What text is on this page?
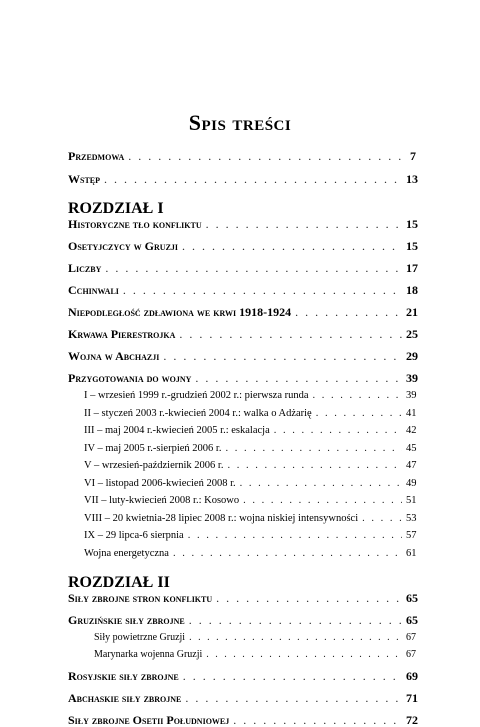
Spis treści
Przedmowa . . .	7
Wstęp . . .	13
ROZDZIAŁ I
Historyczne tło konfliktu . . .	15
Osetyjczycy w Gruzji . . .	15
Liczby . . .	17
Cchinwali . . .	18
Niepodległość zdławiona we krwi 1918-1924 . . .	21
Krwawa Pierestrojka . . .	25
Wojna w Abchazji . . .	29
Przygotowania do wojny . . .	39
I – wrzesień 1999 r.-grudzień 2002 r.: pierwsza runda . . .	39
II – styczeń 2003 r.-kwiecień 2004 r.: walka o Adżarię . . .	41
III – maj 2004 r.-kwiecień 2005 r.: eskalacja . . .	42
IV – maj 2005 r.-sierpień 2006 r. . . .	45
V – wrzesień-październik 2006 r. . . .	47
VI – listopad 2006-kwiecień 2008 r. . . .	49
VII – luty-kwiecień 2008 r.: Kosowo . . .	51
VIII – 20 kwietnia-28 lipiec 2008 r.: wojna niskiej intensywności . . .	53
IX – 29 lipca-6 sierpnia . . .	57
Wojna energetyczna . . .	61
ROZDZIAŁ II
Siły zbrojne stron konfliktu . . .	65
Gruzińskie siły zbrojne . . .	65
Siły powietrzne Gruzji . . .	67
Marynarka wojenna Gruzji . . .	67
Rosyjskie siły zbrojne . . .	69
Abchaskie siły zbrojne . . .	71
Siły zbrojne Osetii Południowej . . .	72
